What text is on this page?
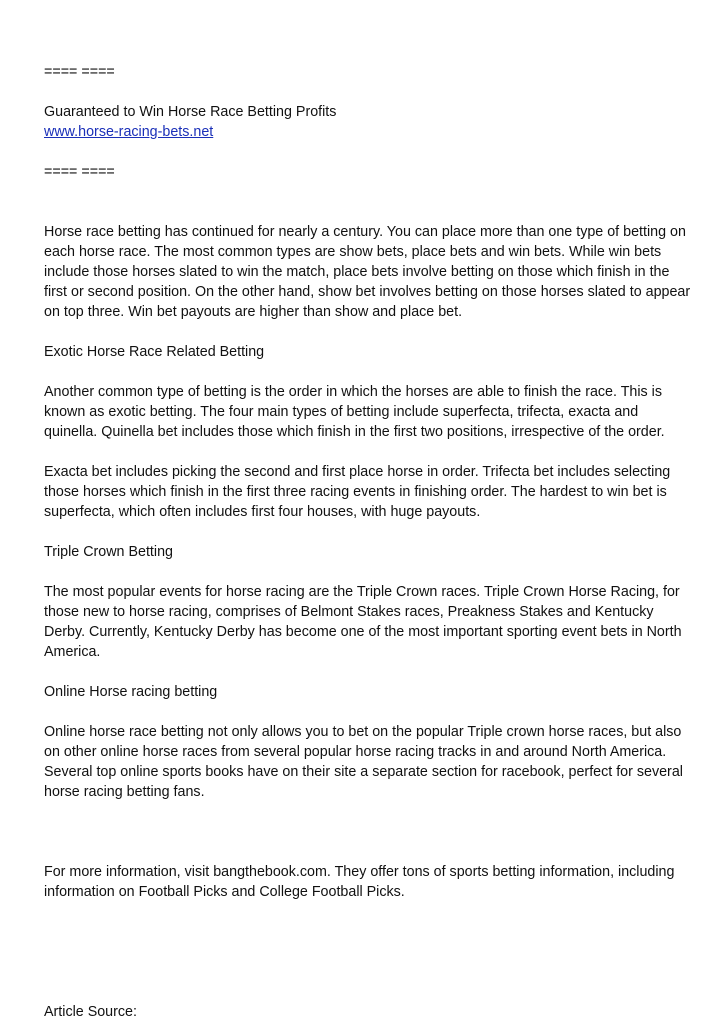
==== ====

Guaranteed to Win Horse Race Betting Profits

www.horse-racing-bets.net

==== ====

Horse race betting has continued for nearly a century. You can place more than one type of betting on each horse race. The most common types are show bets, place bets and win bets. While win bets include those horses slated to win the match, place bets involve betting on those which finish in the first or second position. On the other hand, show bet involves betting on those horses slated to appear on top three. Win bet payouts are higher than show and place bet.

Exotic Horse Race Related Betting

Another common type of betting is the order in which the horses are able to finish the race. This is known as exotic betting. The four main types of betting include superfecta, trifecta, exacta and quinella. Quinella bet includes those which finish in the first two positions, irrespective of the order.

Exacta bet includes picking the second and first place horse in order. Trifecta bet includes selecting those horses which finish in the first three racing events in finishing order. The hardest to win bet is superfecta, which often includes first four houses, with huge payouts.

Triple Crown Betting

The most popular events for horse racing are the Triple Crown races. Triple Crown Horse Racing, for those new to horse racing, comprises of Belmont Stakes races, Preakness Stakes and Kentucky Derby. Currently, Kentucky Derby has become one of the most important sporting event bets in North America.

Online Horse racing betting

Online horse race betting not only allows you to bet on the popular Triple crown horse races, but also on other online horse races from several popular horse racing tracks in and around North America. Several top online sports books have on their site a separate section for racebook, perfect for several horse racing betting fans.

For more information, visit bangthebook.com. They offer tons of sports betting information, including information on Football Picks and College Football Picks.

Article Source:
